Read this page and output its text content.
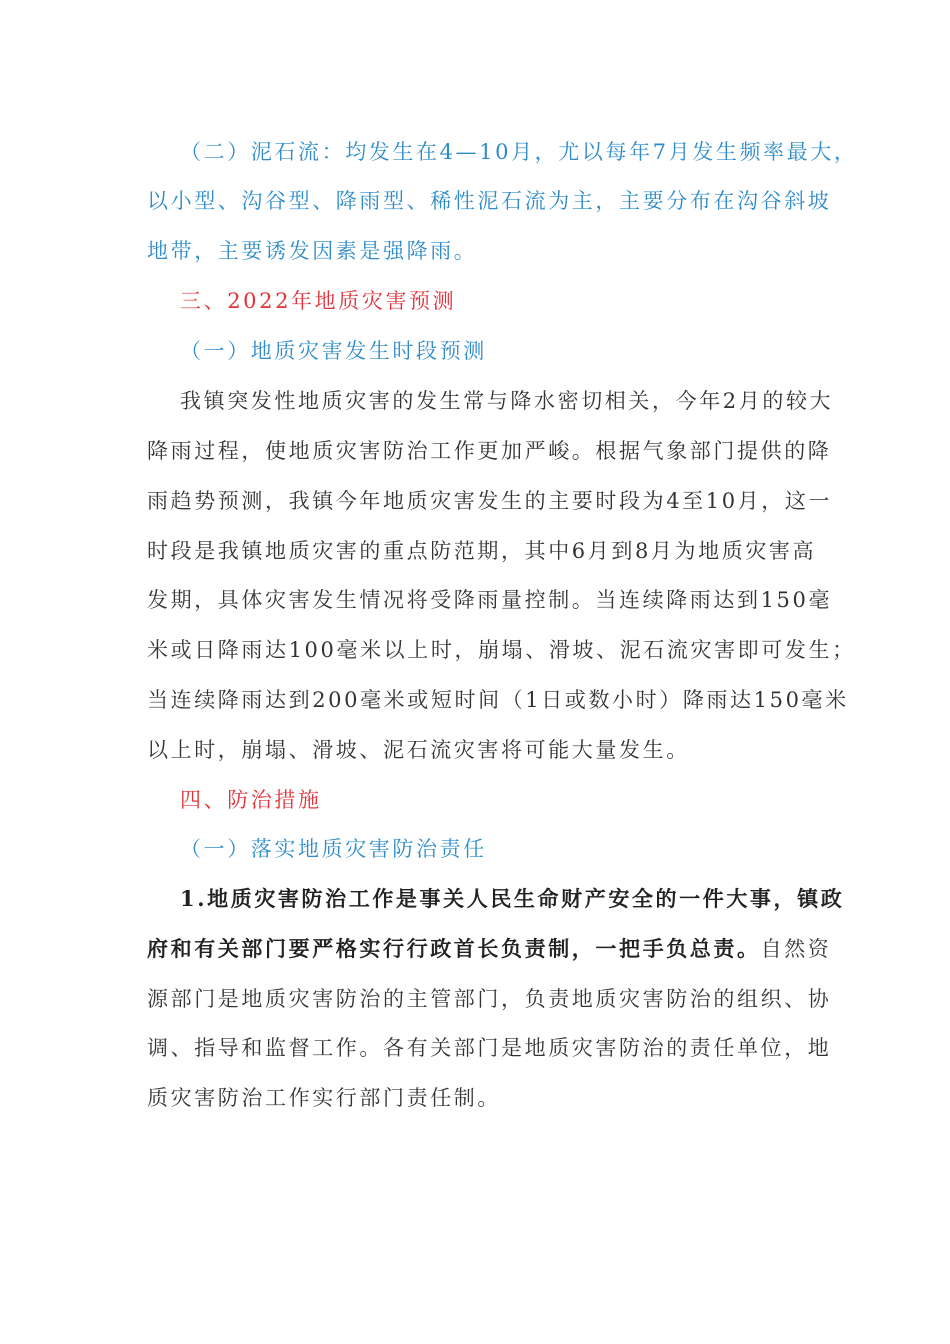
（二）泥石流：均发生在4—10月，尤以每年7月发生频率最大，
以小型、沟谷型、降雨型、稀性泥石流为主，主要分布在沟谷斜坡
地带，主要诱发因素是强降雨。
三、2022年地质灾害预测
（一）地质灾害发生时段预测
我镇突发性地质灾害的发生常与降水密切相关，今年2月的较大
降雨过程，使地质灾害防治工作更加严峻。根据气象部门提供的降
雨趋势预测，我镇今年地质灾害发生的主要时段为4至10月，这一
时段是我镇地质灾害的重点防范期，其中6月到8月为地质灾害高
发期，具体灾害发生情况将受降雨量控制。当连续降雨达到150毫
米或日降雨达100毫米以上时，崩塌、滑坡、泥石流灾害即可发生；
当连续降雨达到200毫米或短时间（1日或数小时）降雨达150毫米
以上时，崩塌、滑坡、泥石流灾害将可能大量发生。
四、防治措施
（一）落实地质灾害防治责任
1.地质灾害防治工作是事关人民生命财产安全的一件大事，镇政
府和有关部门要严格实行行政首长负责制，一把手负总责。自然资
源部门是地质灾害防治的主管部门，负责地质灾害防治的组织、协
调、指导和监督工作。各有关部门是地质灾害防治的责任单位，地
质灾害防治工作实行部门责任制。
